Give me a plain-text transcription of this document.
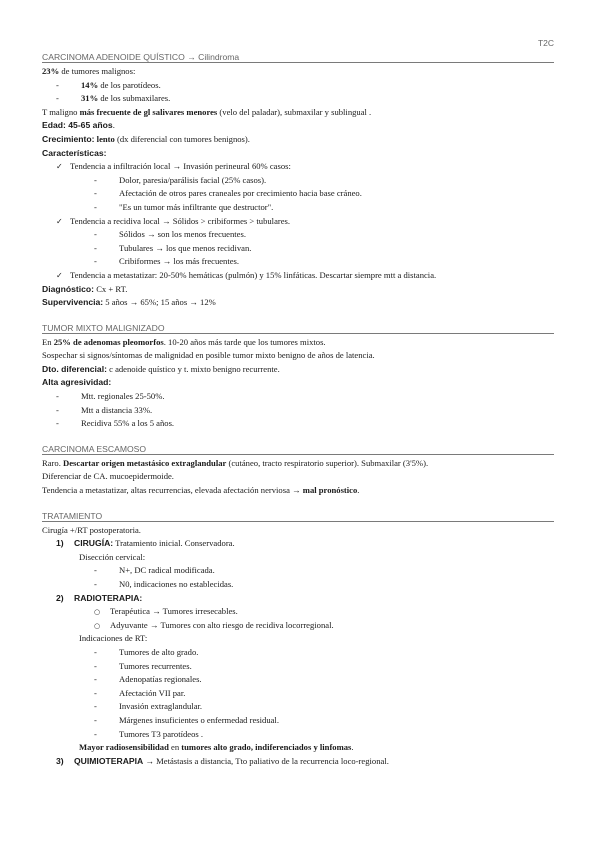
T2C
CARCINOMA ADENOIDE QUÍSTICO → Cilindroma
23% de tumores malignos:
-	14% de los parotídeos.
-	31% de los submaxilares.
T maligno más frecuente de gl salivares menores (velo del paladar), submaxilar y sublingual .
Edad: 45-65 años.
Crecimiento: lento (dx diferencial con tumores benignos).
Características:
✓ Tendencia a infiltración local → Invasión perineural 60% casos:
-	Dolor, paresia/parálisis facial (25% casos).
-	Afectación de otros pares craneales por crecimiento hacia base cráneo.
-	"Es un tumor más infiltrante que destructor".
✓ Tendencia a recidiva local → Sólidos > cribiformes > tubulares.
-	Sólidos → son los menos frecuentes.
-	Tubulares → los que menos recidivan.
-	Cribiformes → los más frecuentes.
✓ Tendencia a metastatizar: 20-50% hemáticas (pulmón) y 15% linfáticas. Descartar siempre mtt a distancia.
Diagnóstico: Cx + RT.
Supervivencia: 5 años → 65%; 15 años → 12%
TUMOR MIXTO MALIGNIZADO
En 25% de adenomas pleomorfos. 10-20 años más tarde que los tumores mixtos.
Sospechar si signos/síntomas de malignidad en posible tumor mixto benigno de años de latencia.
Dto. diferencial: c adenoide quístico y t. mixto benigno recurrente.
Alta agresividad:
-	Mtt. regionales 25-50%.
-	Mtt a distancia 33%.
-	Recidiva 55% a los 5 años.
CARCINOMA ESCAMOSO
Raro. Descartar origen metastásico extraglandular (cutáneo, tracto respiratorio superior). Submaxilar (3'5%).
Diferenciar de CA. mucoepidermoide.
Tendencia a metastatizar, altas recurrencias, elevada afectación nerviosa → mal pronóstico.
TRATAMIENTO
Cirugía +/RT postoperatoria.
1) CIRUGÍA: Tratamiento inicial. Conservadora.
Disección cervical:
-	N+, DC radical modificada.
-	N0, indicaciones no establecidas.
2) RADIOTERAPIA:
○ Terapéutica → Tumores irresecables.
○ Adyuvante → Tumores con alto riesgo de recidiva locorregional.
Indicaciones de RT:
-	Tumores de alto grado.
-	Tumores recurrentes.
-	Adenopatías regionales.
-	Afectación VII par.
-	Invasión extraglandular.
-	Márgenes insuficientes o enfermedad residual.
-	Tumores T3 parotídeos .
Mayor radiosensibilidad en tumores alto grado, indiferenciados y linfomas.
3) QUIMIOTERAPIA → Metástasis a distancia, Tto paliativo de la recurrencia loco-regional.
